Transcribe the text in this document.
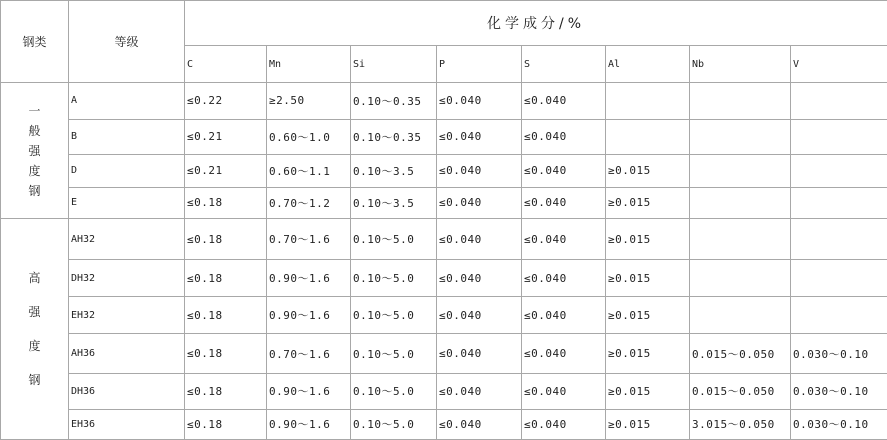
钢类	等级	化学成分/%							
		C	Mn	Si	P	S	Al	Nb	V
一般强度钢	A	≤0.22	≥2.50	0.10～0.35	≤0.040	≤0.040			
	B	≤0.21	0.60～1.0	0.10～0.35	≤0.040	≤0.040			
	D	≤0.21	0.60～1.1	0.10～3.5	≤0.040	≤0.040	≥0.015		
	E	≤0.18	0.70～1.2	0.10～3.5	≤0.040	≤0.040	≥0.015		
高强度钢	AH32	≤0.18	0.70～1.6	0.10～5.0	≤0.040	≤0.040	≥0.015		
	DH32	≤0.18	0.90～1.6	0.10～5.0	≤0.040	≤0.040	≥0.015		
	EH32	≤0.18	0.90～1.6	0.10～5.0	≤0.040	≤0.040	≥0.015		
	AH36	≤0.18	0.70～1.6	0.10～5.0	≤0.040	≤0.040	≥0.015	0.015～0.050	0.030～0.10
	DH36	≤0.18	0.90～1.6	0.10～5.0	≤0.040	≤0.040	≥0.015	0.015～0.050	0.030～0.10
	EH36	≤0.18	0.90～1.6	0.10～5.0	≤0.040	≤0.040	≥0.015	3.015～0.050	0.030～0.10
